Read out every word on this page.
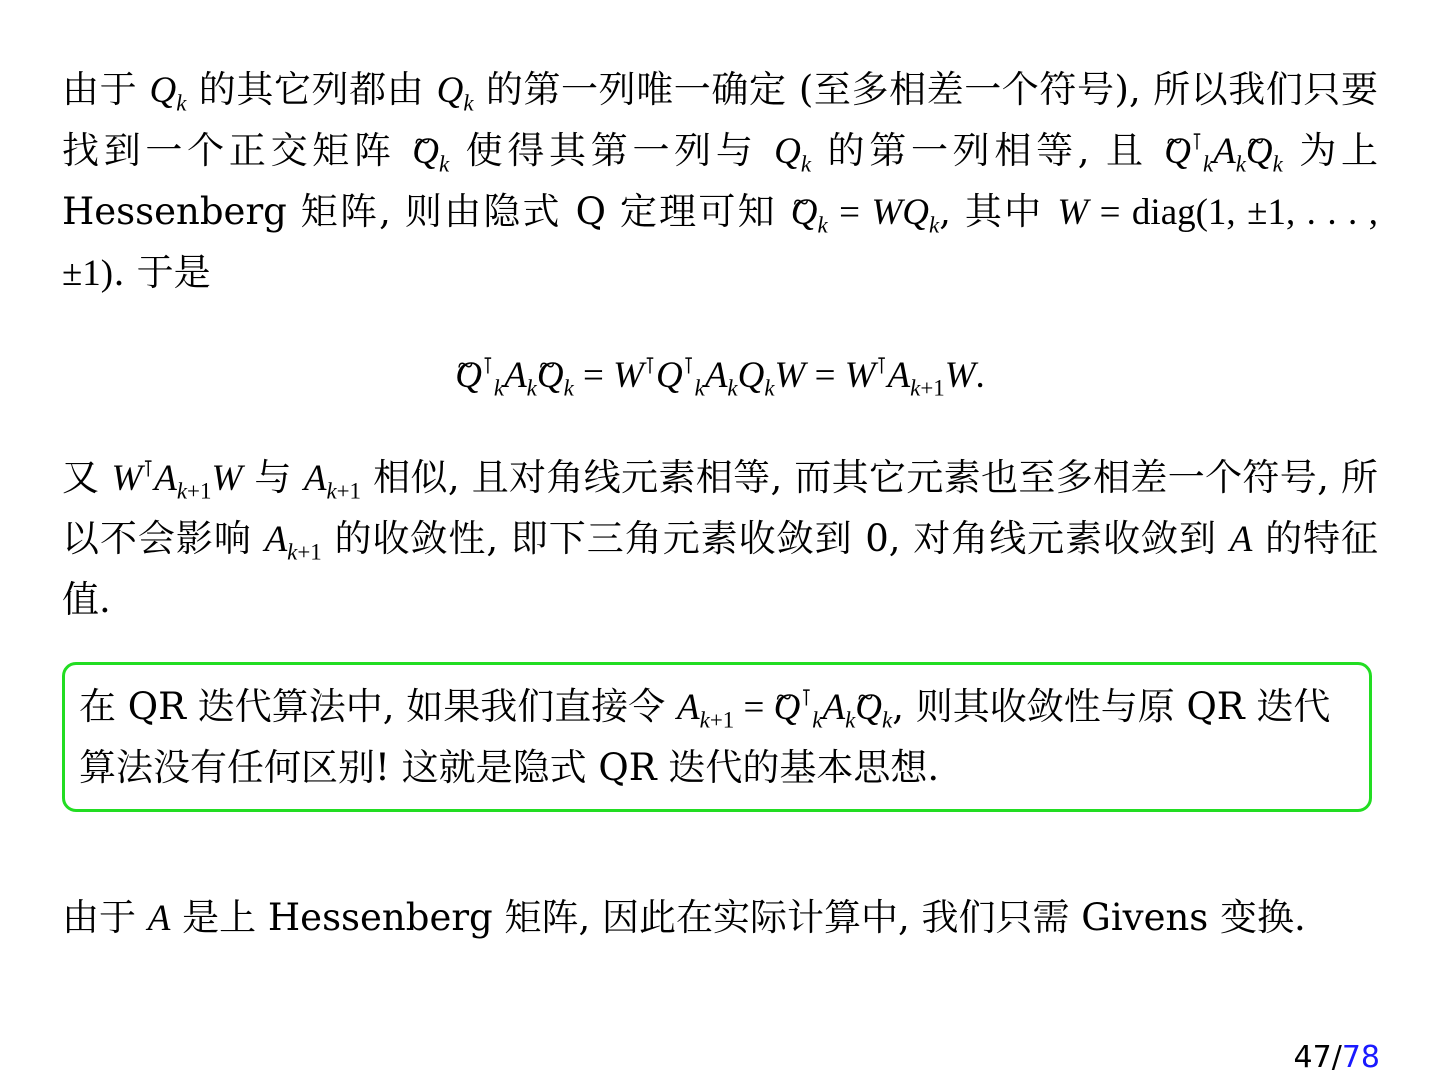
由于 $Q_k$ 的其它列都由 $Q_k$ 的第一列唯一确定 (至多相差一个符号), 所以我们只要找到一个正交矩阵 ~ $Q_k$ 使得其第一列与 $Q_k$ 的第一列相等, 且 ~ $Q^⊺_kA_k\sim$ $Q_k$ 为上 Hessenberg 矩阵, 则由隐式 Q 定理可知 ~ $Q_k = WQ_k$, 其中 W = diag(1, ±1, . . . , ±1). 于是
~ $Q^⊺_kA_k\sim$ $Q_k = W^⊺Q^⊺_kA_kQ_kW = W^⊺A_{k+1}W$.
又 $W^⊺A_{k+1}W$ 与 $A_{k+1}$ 相似, 且对角线元素相等, 而其它元素也至多相差一个符号, 所以不会影响 $A_{k+1}$ 的收敛性, 即下三角元素收敛到 0, 对角线元素收敛到 A 的特征值.
在 QR 迭代算法中, 如果我们直接令 $A_{k+1}$ = ~ $Q^⊺_kA_k\sim$ $Q_k$, 则其收敛性与原 QR 迭代算法没有任何区别! 这就是隐式 QR 迭代的基本思想.
由于 A 是上 Hessenberg 矩阵, 因此在实际计算中, 我们只需 Givens 变换.
47/78
